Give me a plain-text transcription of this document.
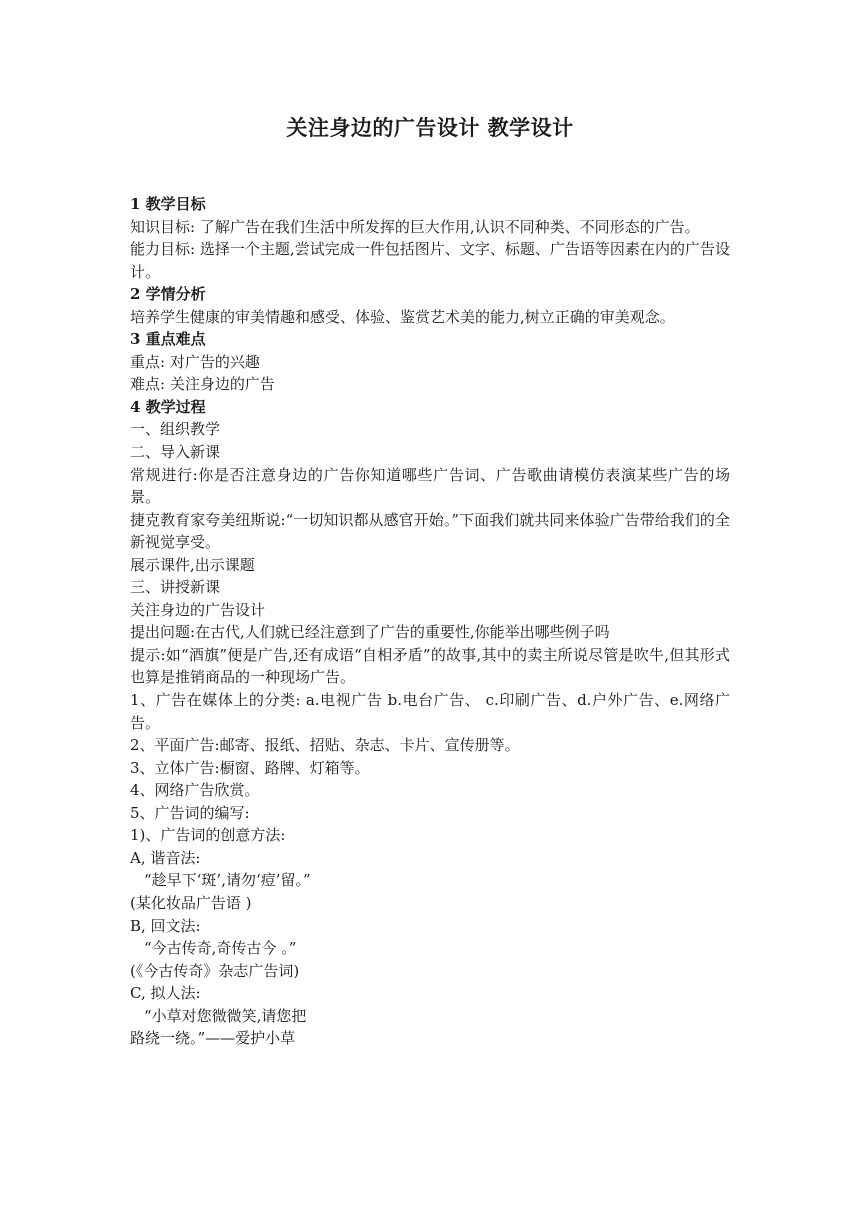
关注身边的广告设计 教学设计
1 教学目标

知识目标: 了解广告在我们生活中所发挥的巨大作用,认识不同种类、不同形态的广告。

能力目标: 选择一个主题,尝试完成一件包括图片、文字、标题、广告语等因素在内的广告设计。

2 学情分析

培养学生健康的审美情趣和感受、体验、鉴赏艺术美的能力,树立正确的审美观念。

3 重点难点

重点: 对广告的兴趣

难点: 关注身边的广告

4 教学过程

一、组织教学

二、导入新课

常规进行:你是否注意身边的广告你知道哪些广告词、广告歌曲请模仿表演某些广告的场景。

捷克教育家夸美纽斯说:“一切知识都从感官开始。”下面我们就共同来体验广告带给我们的全新视觉享受。

展示课件,出示课题

三、讲授新课

关注身边的广告设计

提出问题:在古代,人们就已经注意到了广告的重要性,你能举出哪些例子吗

提示:如“酒旗”便是广告,还有成语“自相矛盾”的故事,其中的卖主所说尽管是吹牛,但其形式也算是推销商品的一种现场广告。

1、广告在媒体上的分类: a.电视广告 b.电台广告、 c.印刷广告、d.户外广告、e.网络广告。

2、平面广告:邮寄、报纸、招贴、杂志、卡片、宣传册等。

3、立体广告:橱窗、路牌、灯箱等。

4、网络广告欣赏。

5、广告词的编写:

1)、广告词的创意方法:

A, 谐音法:

“趁早下‘斑’,请勿‘痘’留。”

(某化妆品广告语 )

B, 回文法:

“今古传奇,奇传古今 。”

(《今古传奇》杂志广告词)

C, 拟人法:

“小草对您微微笑,请您把

路绕一绕。”——爱护小草
